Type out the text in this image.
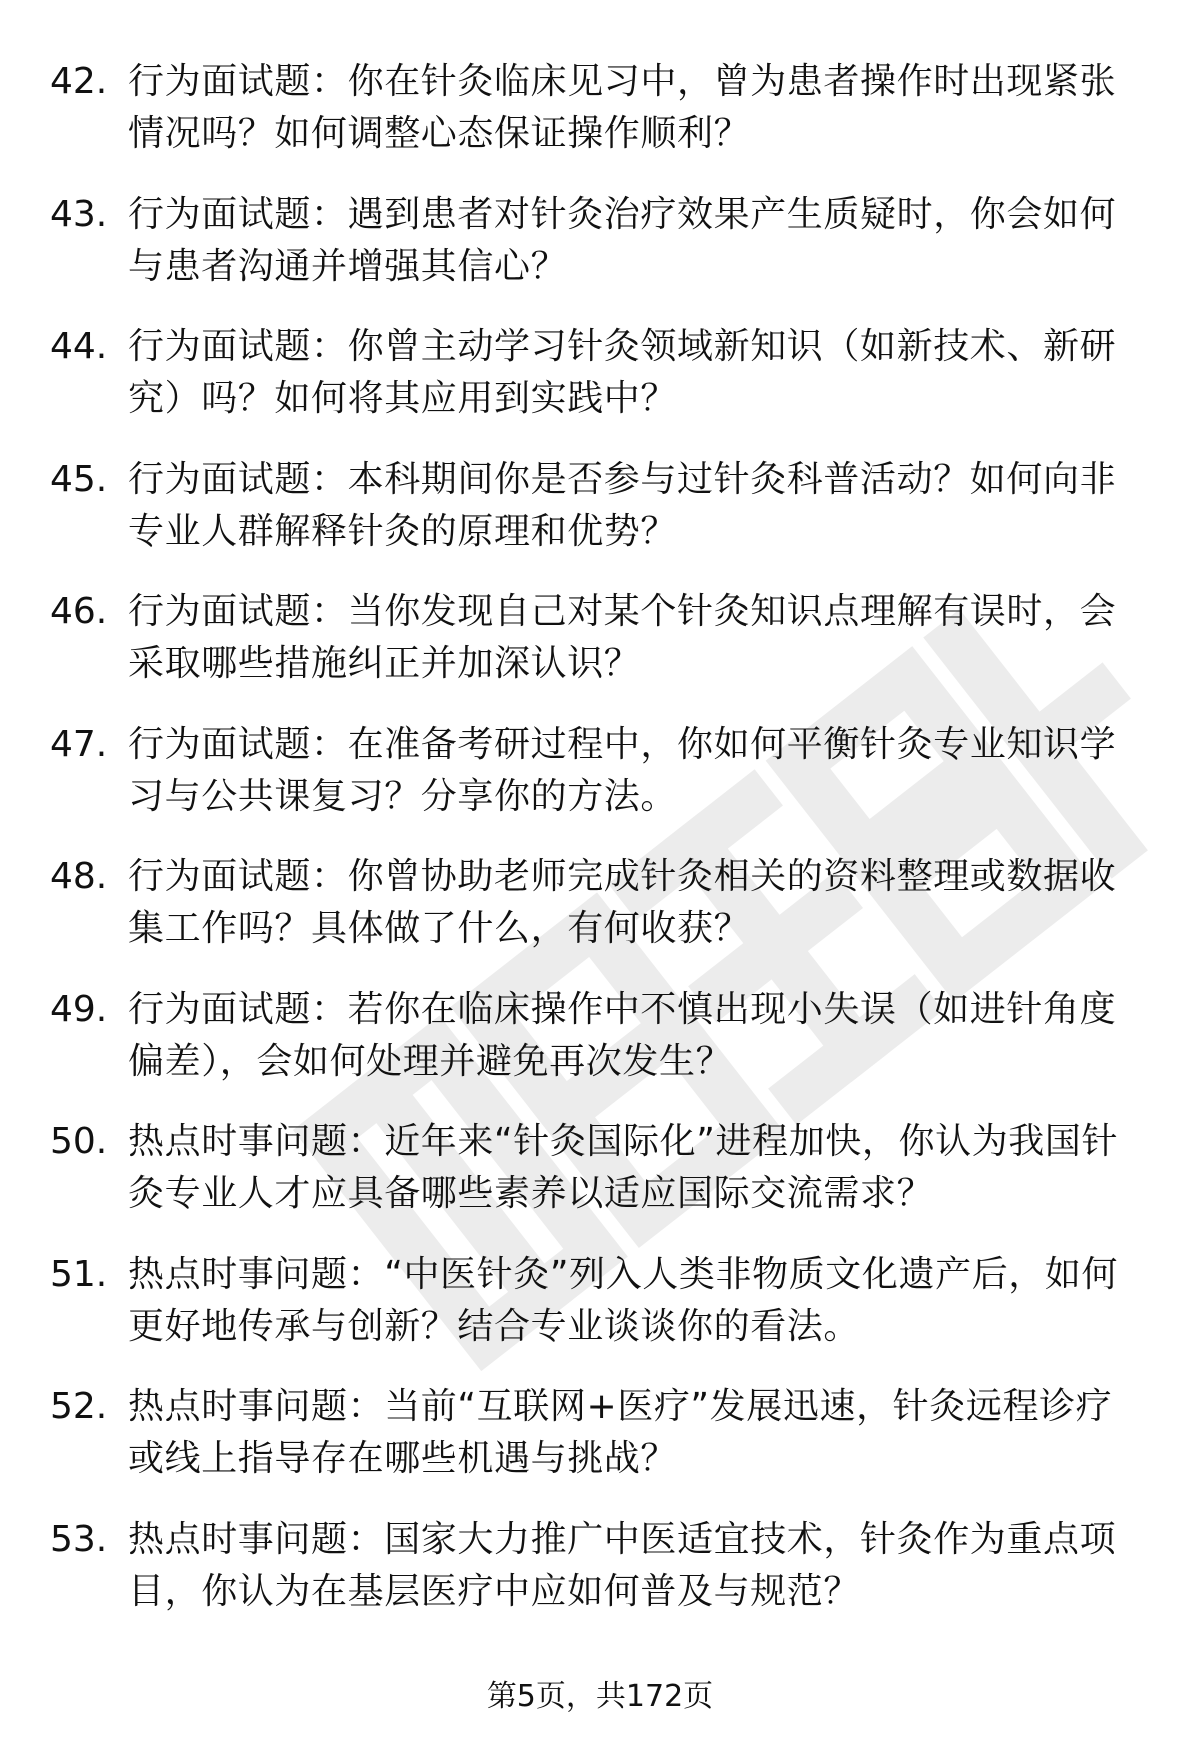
42. 行为面试题：你在针灸临床见习中，曾为患者操作时出现紧张情况吗？如何调整心态保证操作顺利？
43. 行为面试题：遇到患者对针灸治疗效果产生质疑时，你会如何与患者沟通并增强其信心？
44. 行为面试题：你曾主动学习针灸领域新知识（如新技术、新研究）吗？如何将其应用到实践中？
45. 行为面试题：本科期间你是否参与过针灸科普活动？如何向非专业人群解释针灸的原理和优势？
46. 行为面试题：当你发现自己对某个针灸知识点理解有误时，会采取哪些措施纠正并加深认识？
47. 行为面试题：在准备考研过程中，你如何平衡针灸专业知识学习与公共课复习？分享你的方法。
48. 行为面试题：你曾协助老师完成针灸相关的资料整理或数据收集工作吗？具体做了什么，有何收获？
49. 行为面试题：若你在临床操作中不慎出现小失误（如进针角度偏差），会如何处理并避免再次发生？
50. 热点时事问题：近年来“针灸国际化”进程加快，你认为我国针灸专业人才应具备哪些素养以适应国际交流需求？
51. 热点时事问题：“中医针灸”列入人类非物质文化遗产后，如何更好地传承与创新？结合专业谈谈你的看法。
52. 热点时事问题：当前“互联网+医疗”发展迅速，针灸远程诊疗或线上指导存在哪些机遇与挑战？
53. 热点时事问题：国家大力推广中医适宜技术，针灸作为重点项目，你认为在基层医疗中应如何普及与规范？
第5页，共172页
